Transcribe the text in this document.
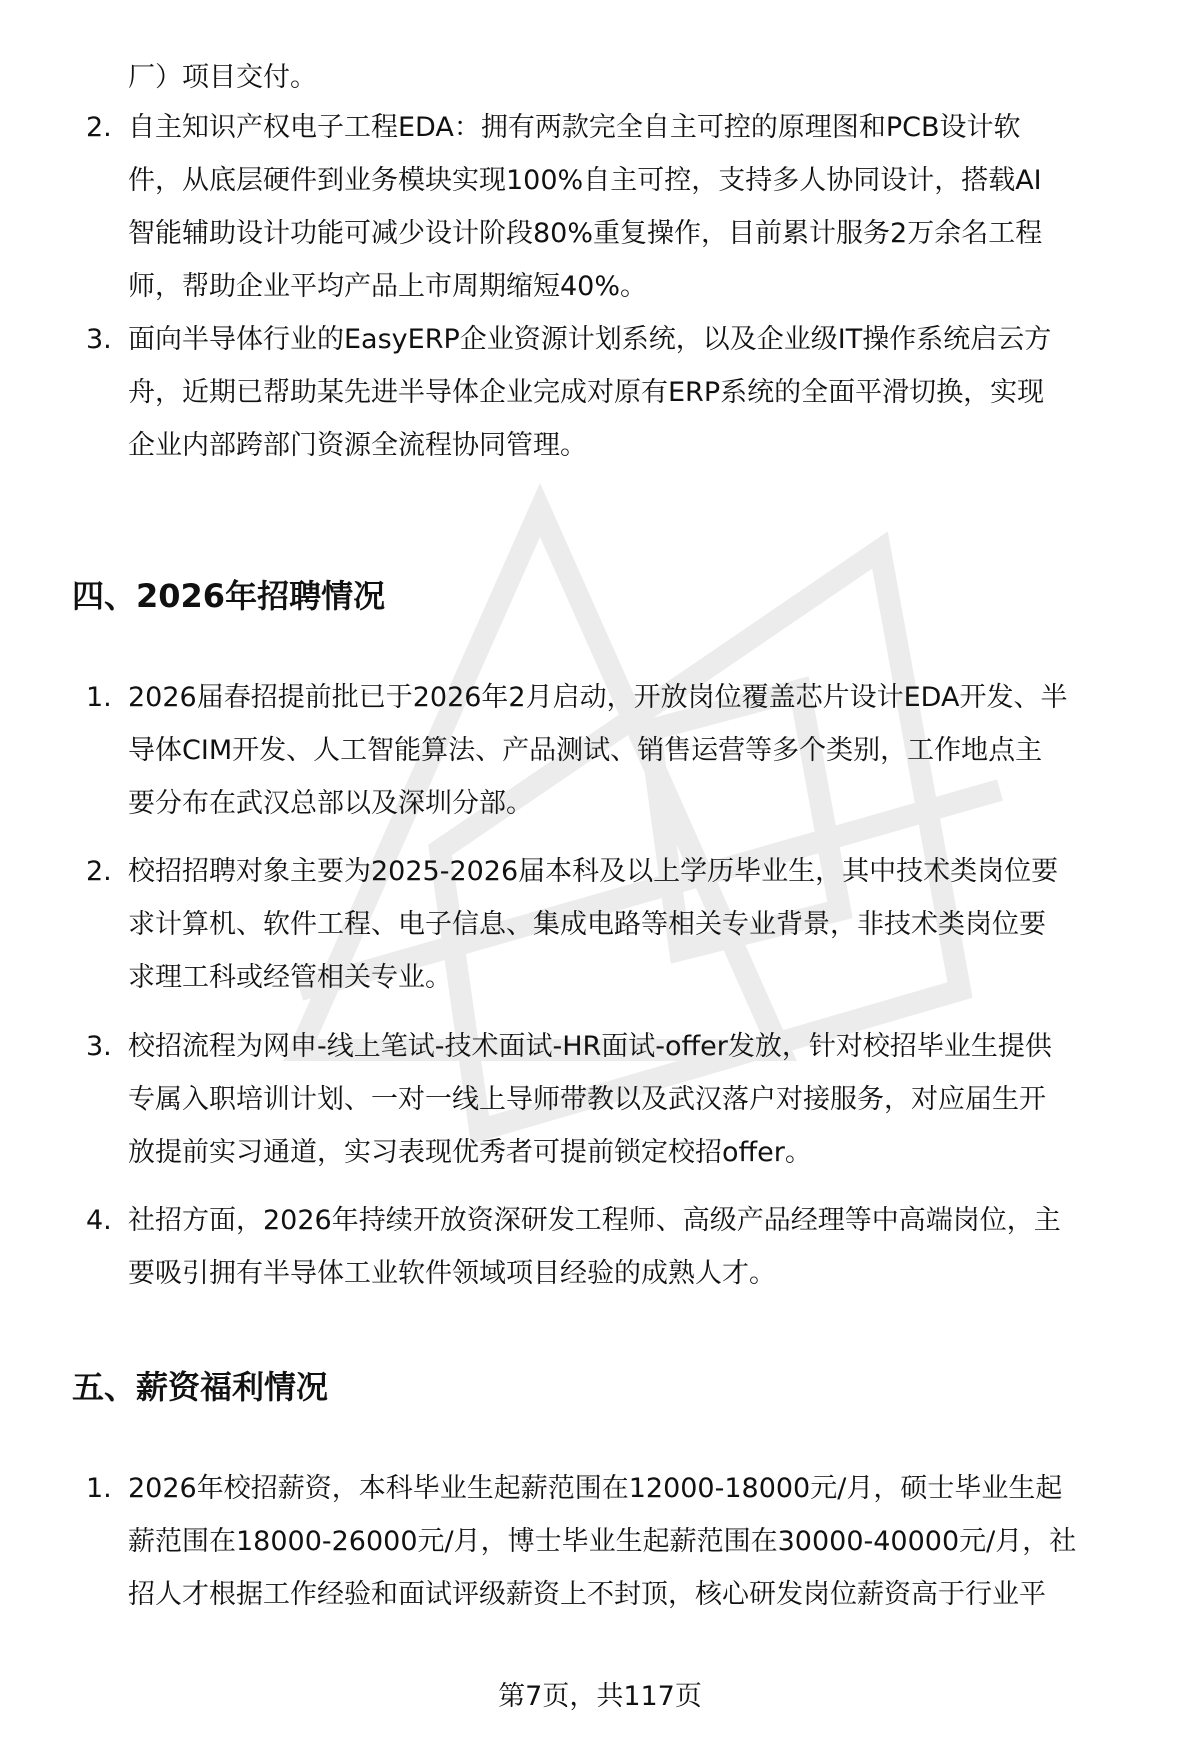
厂）项目交付。
2. 自主知识产权电子工程EDA：拥有两款完全自主可控的原理图和PCB设计软
件，从底层硬件到业务模块实现100%自主可控，支持多人协同设计，搭载AI
智能辅助设计功能可减少设计阶段80%重复操作，目前累计服务2万余名工程
师，帮助企业平均产品上市周期缩短40%。
3. 面向半导体行业的EasyERP企业资源计划系统，以及企业级IT操作系统启云方
舟，近期已帮助某先进半导体企业完成对原有ERP系统的全面平滑切换，实现
企业内部跨部门资源全流程协同管理。
四、2026年招聘情况
1. 2026届春招提前批已于2026年2月启动，开放岗位覆盖芯片设计EDA开发、半
导体CIM开发、人工智能算法、产品测试、销售运营等多个类别，工作地点主
要分布在武汉总部以及深圳分部。
2. 校招招聘对象主要为2025-2026届本科及以上学历毕业生，其中技术类岗位要
求计算机、软件工程、电子信息、集成电路等相关专业背景，非技术类岗位要
求理工科或经管相关专业。
3. 校招流程为网申-线上笔试-技术面试-HR面试-offer发放，针对校招毕业生提供
专属入职培训计划、一对一线上导师带教以及武汉落户对接服务，对应届生开
放提前实习通道，实习表现优秀者可提前锁定校招offer。
4. 社招方面，2026年持续开放资深研发工程师、高级产品经理等中高端岗位，主
要吸引拥有半导体工业软件领域项目经验的成熟人才。
五、薪资福利情况
1. 2026年校招薪资，本科毕业生起薪范围在12000-18000元/月，硕士毕业生起
薪范围在18000-26000元/月，博士毕业生起薪范围在30000-40000元/月，社
招人才根据工作经验和面试评级薪资上不封顶，核心研发岗位薪资高于行业平
第7页，共117页
